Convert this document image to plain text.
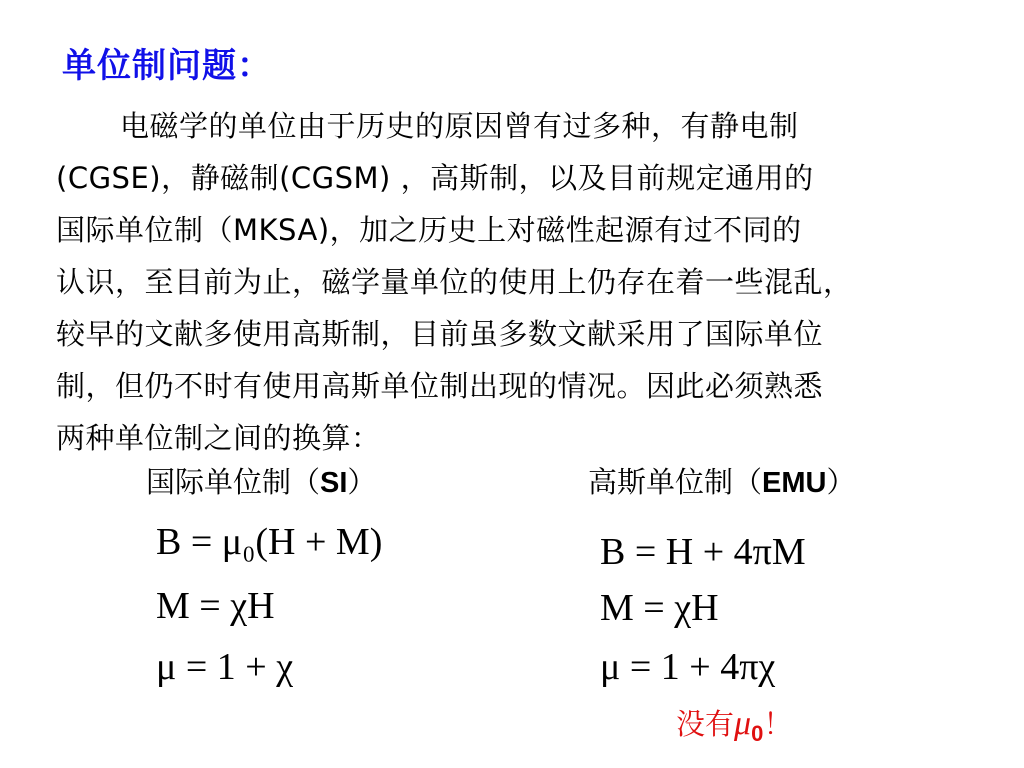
单位制问题：
电磁学的单位由于历史的原因曾有过多种，有静电制
(CGSE)，静磁制(CGSM) ，高斯制，以及目前规定通用的
国际单位制（MKSA)，加之历史上对磁性起源有过不同的
认识，至目前为止，磁学量单位的使用上仍存在着一些混乱，
较早的文献多使用高斯制，目前虽多数文献采用了国际单位
制，但仍不时有使用高斯单位制出现的情况。因此必须熟悉
两种单位制之间的换算：
国际单位制（SI）	高斯单位制（EMU）
B = μ₀(H + M)
M = χH
μ = 1 + χ
B = H + 4πM
M = χH
μ = 1 + 4πχ
没有$\mu_0$！
